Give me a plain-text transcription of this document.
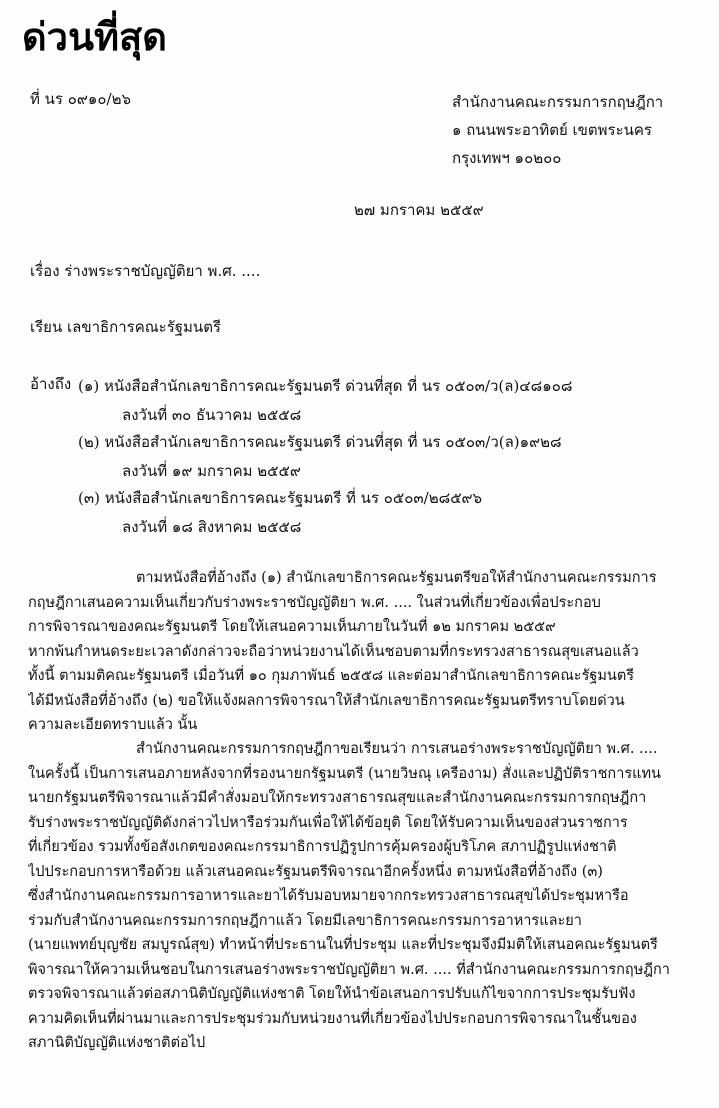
ด่วนที่สุด
ที่ นร ๐๙๑๐/๒๖	สำนักงานคณะกรรมการกฤษฎีกา
๑ ถนนพระอาทิตย์ เขตพระนคร
กรุงเทพฯ ๑๐๒๐๐
๒๗ มกราคม ๒๕๕๙
เรื่อง ร่างพระราชบัญญัติยา พ.ศ. ....
เรียน เลขาธิการคณะรัฐมนตรี
อ้างถึง (๑) หนังสือสำนักเลขาธิการคณะรัฐมนตรี ด่วนที่สุด ที่ นร ๐๕๐๓/ว(ล)๔๘๑๐๘
ลงวันที่ ๓๐ ธันวาคม ๒๕๕๘
(๒) หนังสือสำนักเลขาธิการคณะรัฐมนตรี ด่วนที่สุด ที่ นร ๐๕๐๓/ว(ล)๑๙๒๘
ลงวันที่ ๑๙ มกราคม ๒๕๕๙
(๓) หนังสือสำนักเลขาธิการคณะรัฐมนตรี ที่ นร ๐๕๐๓/๒๘๕๙๖
ลงวันที่ ๑๘ สิงหาคม ๒๕๕๘
ตามหนังสือที่อ้างถึง (๑) สำนักเลขาธิการคณะรัฐมนตรีขอให้สำนักงานคณะกรรมการ
กฤษฎีกาเสนอความเห็นเกี่ยวกับร่างพระราชบัญญัติยา พ.ศ. .... ในส่วนที่เกี่ยวข้องเพื่อประกอบ
การพิจารณาของคณะรัฐมนตรี โดยให้เสนอความเห็นภายในวันที่ ๑๒ มกราคม ๒๕๕๙
หากพ้นกำหนดระยะเวลาดังกล่าวจะถือว่าหน่วยงานได้เห็นชอบตามที่กระทรวงสาธารณสุขเสนอแล้ว
ทั้งนี้ ตามมติคณะรัฐมนตรี เมื่อวันที่ ๑๐ กุมภาพันธ์ ๒๕๕๘ และต่อมาสำนักเลขาธิการคณะรัฐมนตรี
ได้มีหนังสือที่อ้างถึง (๒) ขอให้แจ้งผลการพิจารณาให้สำนักเลขาธิการคณะรัฐมนตรีทราบโดยด่วน
ความละเอียดทราบแล้ว นั้น
สำนักงานคณะกรรมการกฤษฎีกาขอเรียนว่า การเสนอร่างพระราชบัญญัติยา พ.ศ. ....
ในครั้งนี้ เป็นการเสนอภายหลังจากที่รองนายกรัฐมนตรี (นายวิษณุ เครืองาม) สั่งและปฏิบัติราชการแทน
นายกรัฐมนตรีพิจารณาแล้วมีคำสั่งมอบให้กระทรวงสาธารณสุขและสำนักงานคณะกรรมการกฤษฎีกา
รับร่างพระราชบัญญัติดังกล่าวไปหารือร่วมกันเพื่อให้ได้ข้อยุติ โดยให้รับความเห็นของส่วนราชการ
ที่เกี่ยวข้อง รวมทั้งข้อสังเกตของคณะกรรมาธิการปฏิรูปการคุ้มครองผู้บริโภค สภาปฏิรูปแห่งชาติ
ไปประกอบการหารือด้วย แล้วเสนอคณะรัฐมนตรีพิจารณาอีกครั้งหนึ่ง ตามหนังสือที่อ้างถึง (๓)
ซึ่งสำนักงานคณะกรรมการอาหารและยาได้รับมอบหมายจากกระทรวงสาธารณสุขได้ประชุมหารือ
ร่วมกับสำนักงานคณะกรรมการกฤษฎีกาแล้ว โดยมีเลขาธิการคณะกรรมการอาหารและยา
(นายแพทย์บุญชัย สมบูรณ์สุข) ทำหน้าที่ประธานในที่ประชุม และที่ประชุมจึงมีมติให้เสนอคณะรัฐมนตรี
พิจารณาให้ความเห็นชอบในการเสนอร่างพระราชบัญญัติยา พ.ศ. .... ที่สำนักงานคณะกรรมการกฤษฎีกา
ตรวจพิจารณาแล้วต่อสภานิติบัญญัติแห่งชาติ โดยให้นำข้อเสนอการปรับแก้ไขจากการประชุมรับฟัง
ความคิดเห็นที่ผ่านมาและการประชุมร่วมกับหน่วยงานที่เกี่ยวข้องไปประกอบการพิจารณาในชั้นของ
สภานิติบัญญัติแห่งชาติต่อไป
